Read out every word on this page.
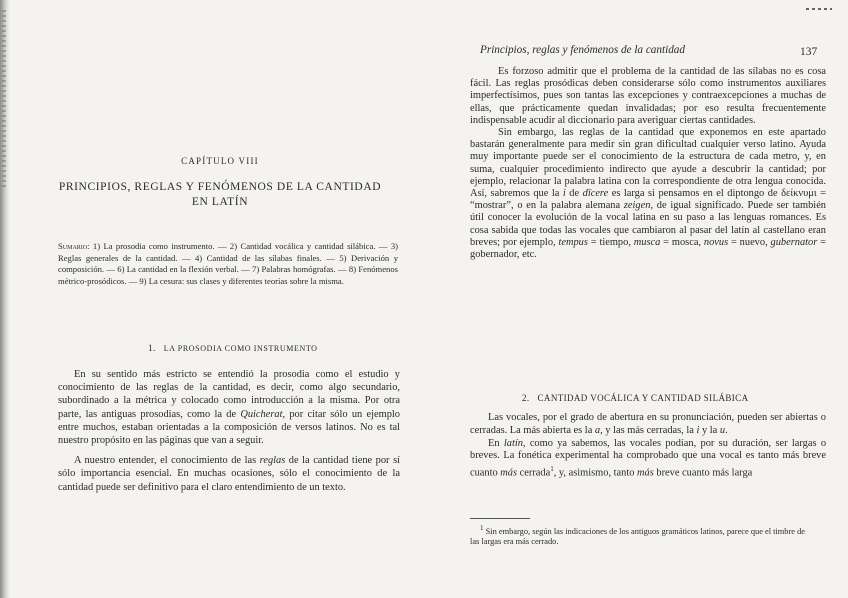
CAPÍTULO VIII
PRINCIPIOS, REGLAS Y FENÓMENOS DE LA CANTIDAD EN LATÍN
Sumario: 1) La prosodia como instrumento. — 2) Cantidad vocálica y cantidad silábica. — 3) Reglas generales de la cantidad. — 4) Cantidad de las sílabas finales. — 5) Derivación y composición. — 6) La cantidad en la flexión verbal. — 7) Palabras homógrafas. — 8) Fenómenos métrico-prosódicos. — 9) La cesura: sus clases y diferentes teorías sobre la misma.
1. LA PROSODIA COMO INSTRUMENTO

En su sentido más estricto se entendió la prosodia como el estudio y conocimiento de las reglas de la cantidad, es decir, como algo secundario, subordinado a la métrica y colocado como introducción a la misma. Por otra parte, las antiguas prosodias, como la de Quicherat, por citar sólo un ejemplo entre muchos, estaban orientadas a la composición de versos latinos. No es tal nuestro propósito en las páginas que van a seguir.

A nuestro entender, el conocimiento de las reglas de la cantidad tiene por sí sólo importancia esencial. En muchas ocasiones, sólo el conocimiento de la cantidad puede ser definitivo para el claro entendimiento de un texto.

Principios, reglas y fenómenos de la cantidad	137

Es forzoso admitir que el problema de la cantidad de las sílabas no es cosa fácil. Las reglas prosódicas deben considerarse sólo como instrumentos auxiliares imperfectísimos, pues son tantas las excepciones y contraexcepciones a muchas de ellas, que prácticamente quedan invalidadas; por eso resulta frecuentemente indispensable acudir al diccionario para averiguar ciertas cantidades.

Sin embargo, las reglas de la cantidad que exponemos en este apartado bastarán generalmente para medir sin gran dificultad cualquier verso latino. Ayuda muy importante puede ser el conocimiento de la estructura de cada metro, y, en suma, cualquier procedimiento indirecto que ayude a descubrir la cantidad; por ejemplo, relacionar la palabra latina con la correspondiente de otra lengua conocida. Así, sabremos que la i de dīcere es larga si pensamos en el diptongo de δείκνυμι = “mostrar”, o en la palabra alemana zeigen, de igual significado. Puede ser también útil conocer la evolución de la vocal latina en su paso a las lenguas romances. Es cosa sabida que todas las vocales que cambiaron al pasar del latín al castellano eran breves; por ejemplo, tempus = tiempo, musca = mosca, novus = nuevo, gubernator = gobernador, etc.

2. CANTIDAD VOCÁLICA Y CANTIDAD SILÁBICA

Las vocales, por el grado de abertura en su pronunciación, pueden ser abiertas o cerradas. La más abierta es la a, y las más cerradas, la i y la u.

En latín, como ya sabemos, las vocales podían, por su duración, ser largas o breves. La fonética experimental ha comprobado que una vocal es tanto más breve cuanto más cerrada$^1$, y, asimismo, tanto más breve cuanto más larga

$^1$ Sin embargo, según las indicaciones de los antiguos gramáticos latinos, parece que el timbre de las largas era más cerrado.
